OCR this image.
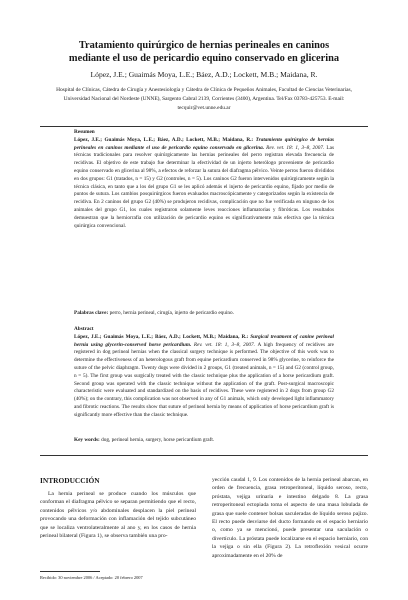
Tratamiento quirúrgico de hernias perineales en caninos
mediante el uso de pericardio equino conservado en glicerina
López, J.E.; Guaimás Moya, L.E.; Báez, A.D.; Lockett, M.B.; Maidana, R.
Hospital de Clínicas, Cátedra de Cirugía y Anestesiología y Cátedra de Clínica de Pequeños Animales, Facultad de Ciencias Veterinarias, Universidad Nacional del Nordeste (UNNE), Sargento Cabral 2139, Corrientes (3400), Argentina. Tel/Fax 03783-425753. E-mail: tecquir@vet.unne.edu.ar
Resumen
López, J.E.; Guaimás Moya, L.E.; Báez, A.D.; Lockett, M.B.; Maidana, R.: Tratamiento quirúrgico de hernias perineales en caninos mediante el uso de pericardio equino conservado en glicerina. Rev. vet. 18: 1, 3–8, 2007. Las técnicas tradicionales para resolver quirúrgicamente las hernias perineales del perro registran elevada frecuencia de recidivas. El objetivo de este trabajo fue determinar la efectividad de un injerto heterólogo proveniente de pericardio equino conservado en glicerina al 98%, a efectos de reforzar la sutura del diafragma pélvico. Veinte perros fueron divididos en dos grupos: G1 (tratados, n = 15) y G2 (controles, n = 5). Los caninos G2 fueron intervenidos quirúrgicamente según la técnica clásica, en tanto que a los del grupo G1 se les aplicó además el injerto de pericardio equino, fijado por medio de puntos de sutura. Los cambios posquirúrgicos fueron evaluados macroscópicamente y categorizados según la existencia de recidiva. En 2 caninos del grupo G2 (40%) se produjeron recidivas, complicación que no fue verificada en ninguno de los animales del grupo G1, los cuales registraron solamente leves reacciones inflamatorias y fibróticas. Los resultados demuestran que la herniorrafia con utilización de pericardio equino es significativamente más efectiva que la técnica quirúrgica convencional.
Palabras clave: perro, hernia perineal, cirugía, injerto de pericardio equino.
Abstract
López, J.E.; Guaimás Moya, L.E.; Báez, A.D.; Lockett, M.B.; Maidana, R.: Surgical treatment of canine perineal hernia using glycerin-conserved horse pericardium. Rev. vet. 18: 1, 3–8, 2007. A high frequency of recidives are registered in dog perineal hernias when the classical surgery technique is performed. The objective of this work was to determine the effectiveness of an heterologous graft from equine pericardium conserved in 98% glycerine, to reinforce the suture of the pelvic diaphragm. Twenty dogs were divided in 2 groups, G1 (treated animals, n = 15) and G2 (control group, n = 5). The first group was surgically treated with the classic technique plus the application of a horse pericardium graft. Second group was operated with the classic technique without the application of the graft. Post-surgical macroscopic characteristic were evaluated and standardized on the basis of recidives. These were registered in 2 dogs from group G2 (40%); on the contrary, this complication was not observed in any of G1 animals, which only developed light inflammatory and fibrotic reactions. The results show that suture of perineal hernia by means of application of horse pericardium graft is significantly more effective than the classic technique.
Key words: dog, perineal hernia, surgery, horse pericardium graft.
INTRODUCCIÓN
La hernia perineal se produce cuando los músculos que conforman el diafragma pélvico se separan permitiendo que el recto, contenidos pélvicos y/o abdominales desplacen la piel perineal provocando una deformación con inflamación del tejido subcutáneo que se localiza ventrolateralmente al ano y, en los casos de hernia perineal bilateral (Figura 1), se observa también una pro-
yección caudal 1, 9. Los contenidos de la hernia perineal abarcan, en orden de frecuencia, grasa retroperitoneal, líquido seroso, recto, próstata, vejiga urinaria e intestino delgado 8. La grasa retroperitoneal ectopiada toma el aspecto de una masa lobulada de grasa que suele contener bolsas saculeradas de líquido seroso pajizo. El recto puede desviarse del ducto formando en el espacio herniario o, como ya se mencionó, puede presentar una saculación o divertículo. La próstata puede localizarse en el espacio herniario, con la vejiga o sin ella (Figura 2). La retroflexión vesical ocurre aproximadamente en el 20% de
Recibido: 30 noviembre 2006 / Aceptado: 20 febrero 2007
